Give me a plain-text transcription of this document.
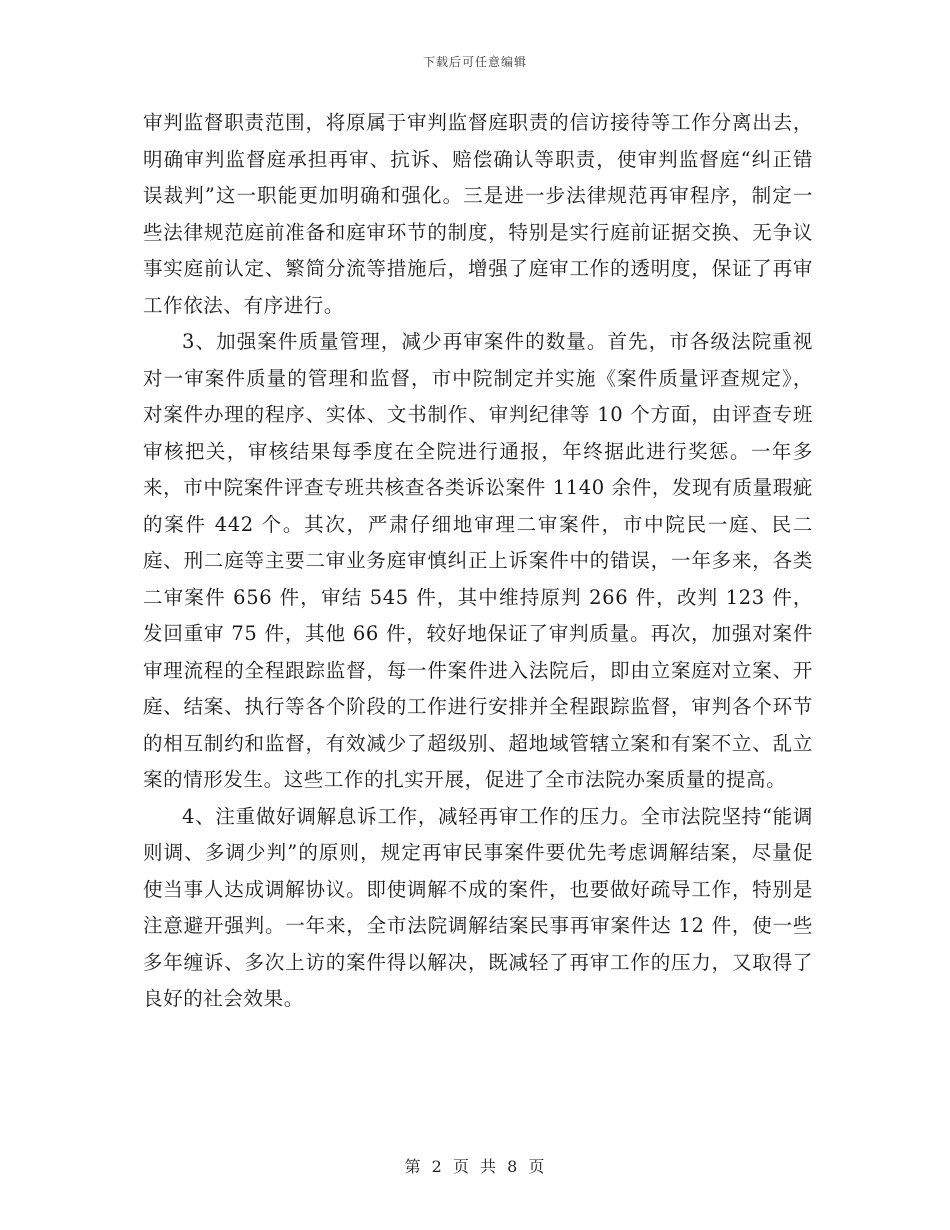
下载后可任意编辑

审判监督职责范围，将原属于审判监督庭职责的信访接待等工作分离出去，明确审判监督庭承担再审、抗诉、赔偿确认等职责，使审判监督庭“纠正错误裁判”这一职能更加明确和强化。三是进一步法律规范再审程序，制定一些法律规范庭前准备和庭审环节的制度，特别是实行庭前证据交换、无争议事实庭前认定、繁简分流等措施后，增强了庭审工作的透明度，保证了再审工作依法、有序进行。

3、加强案件质量管理，减少再审案件的数量。首先，市各级法院重视对一审案件质量的管理和监督，市中院制定并实施《案件质量评查规定》，对案件办理的程序、实体、文书制作、审判纪律等 10 个方面，由评查专班审核把关，审核结果每季度在全院进行通报，年终据此进行奖惩。一年多来，市中院案件评查专班共核查各类诉讼案件 1140 余件，发现有质量瑕疵的案件 442 个。其次，严肃仔细地审理二审案件，市中院民一庭、民二庭、刑二庭等主要二审业务庭审慎纠正上诉案件中的错误，一年多来，各类二审案件 656 件，审结 545 件，其中维持原判 266 件，改判 123 件，发回重审 75 件，其他 66 件，较好地保证了审判质量。再次，加强对案件审理流程的全程跟踪监督，每一件案件进入法院后，即由立案庭对立案、开庭、结案、执行等各个阶段的工作进行安排并全程跟踪监督，审判各个环节的相互制约和监督，有效减少了超级别、超地域管辖立案和有案不立、乱立案的情形发生。这些工作的扎实开展，促进了全市法院办案质量的提高。

4、注重做好调解息诉工作，减轻再审工作的压力。全市法院坚持“能调则调、多调少判”的原则，规定再审民事案件要优先考虑调解结案，尽量促使当事人达成调解协议。即使调解不成的案件，也要做好疏导工作，特别是注意避开强判。一年来，全市法院调解结案民事再审案件达 12 件，使一些多年缠诉、多次上访的案件得以解决，既减轻了再审工作的压力，又取得了良好的社会效果。

第 2 页 共 8 页
